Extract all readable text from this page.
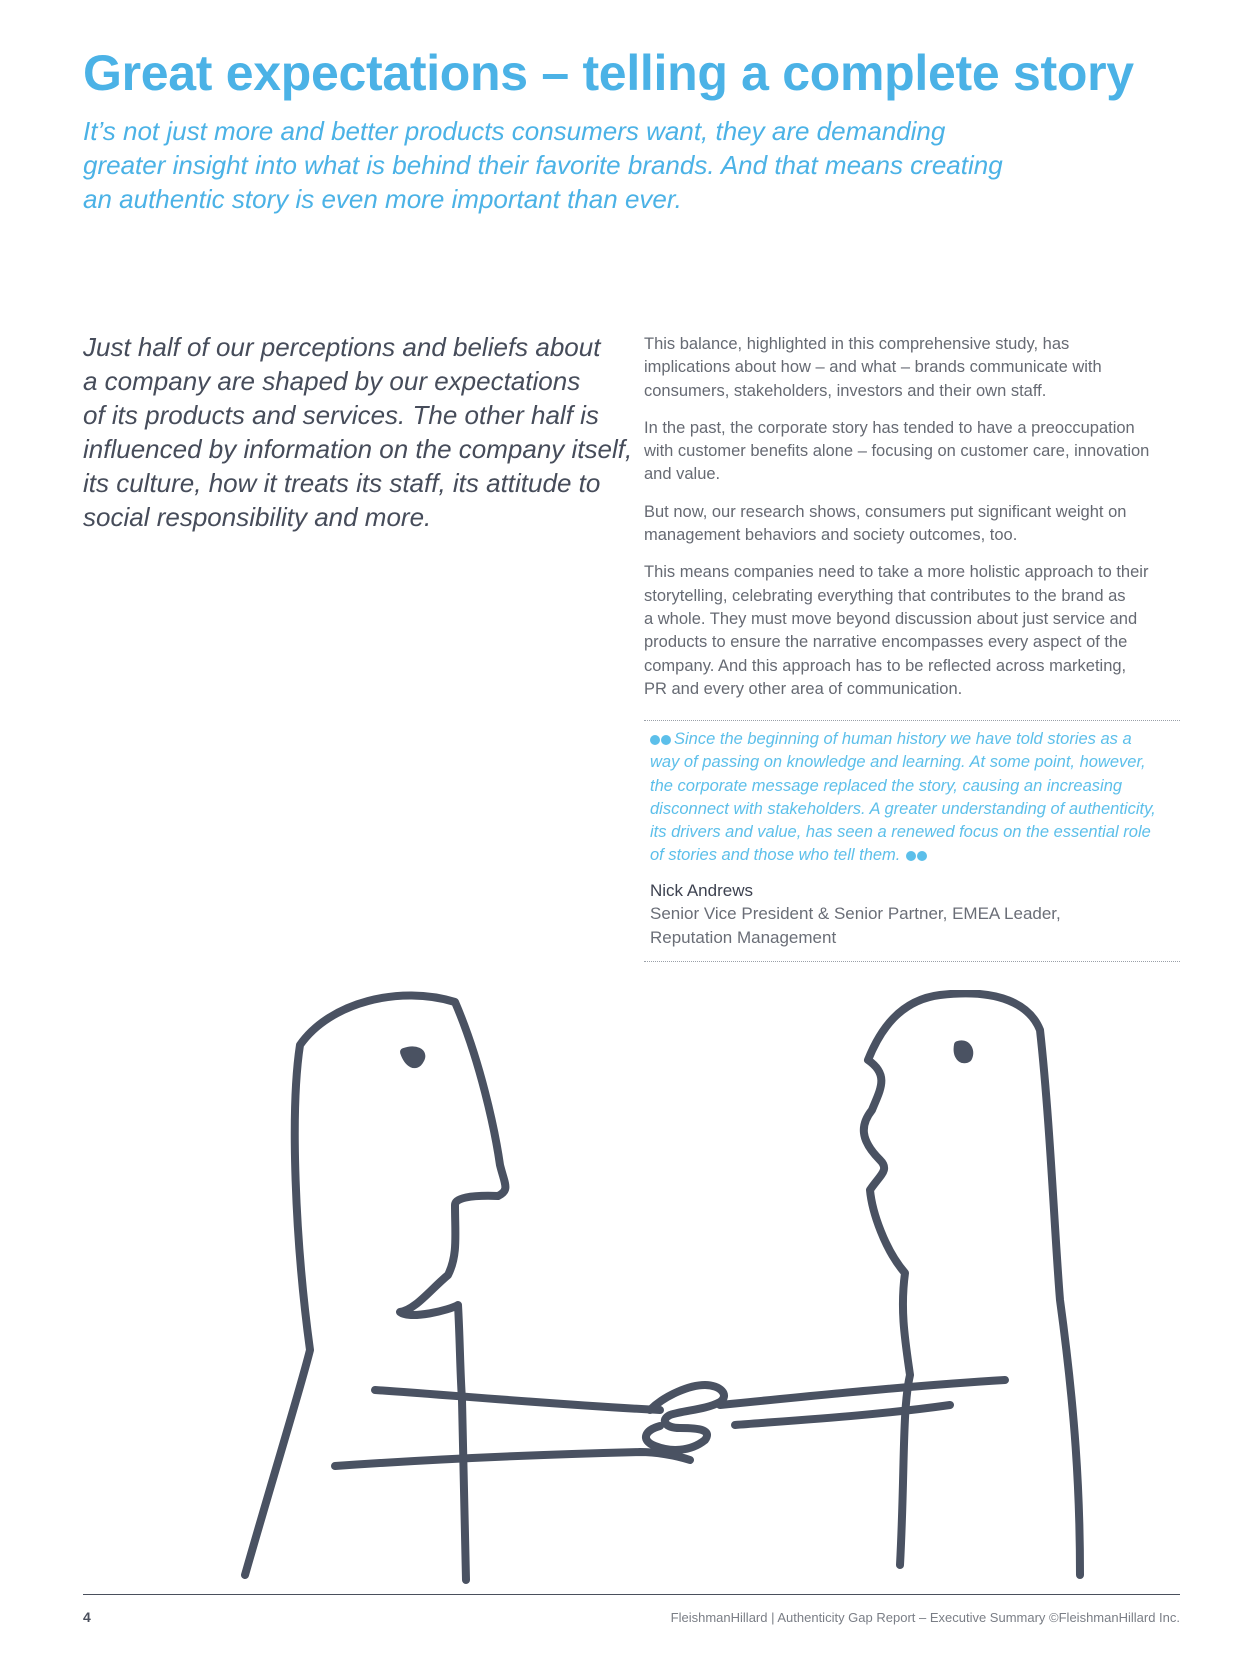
Great expectations – telling a complete story

It’s not just more and better products consumers want, they are demanding
greater insight into what is behind their favorite brands. And that means creating
an authentic story is even more important than ever.

Just half of our perceptions and beliefs about
a company are shaped by our expectations
of its products and services. The other half is
influenced by information on the company itself,
its culture, how it treats its staff, its attitude to
social responsibility and more.

This balance, highlighted in this comprehensive study, has
implications about how – and what – brands communicate with
consumers, stakeholders, investors and their own staff.

In the past, the corporate story has tended to have a preoccupation
with customer benefits alone – focusing on customer care, innovation
and value.

But now, our research shows, consumers put significant weight on
management behaviors and society outcomes, too.

This means companies need to take a more holistic approach to their
storytelling, celebrating everything that contributes to the brand as
a whole. They must move beyond discussion about just service and
products to ensure the narrative encompasses every aspect of the
company. And this approach has to be reflected across marketing,
PR and every other area of communication.

Since the beginning of human history we have told stories as a
way of passing on knowledge and learning. At some point, however,
the corporate message replaced the story, causing an increasing
disconnect with stakeholders. A greater understanding of authenticity,
its drivers and value, has seen a renewed focus on the essential role
of stories and those who tell them.

Nick Andrews
Senior Vice President & Senior Partner, EMEA Leader,
Reputation Management
4	FleishmanHillard | Authenticity Gap Report – Executive Summary ©FleishmanHillard Inc.
